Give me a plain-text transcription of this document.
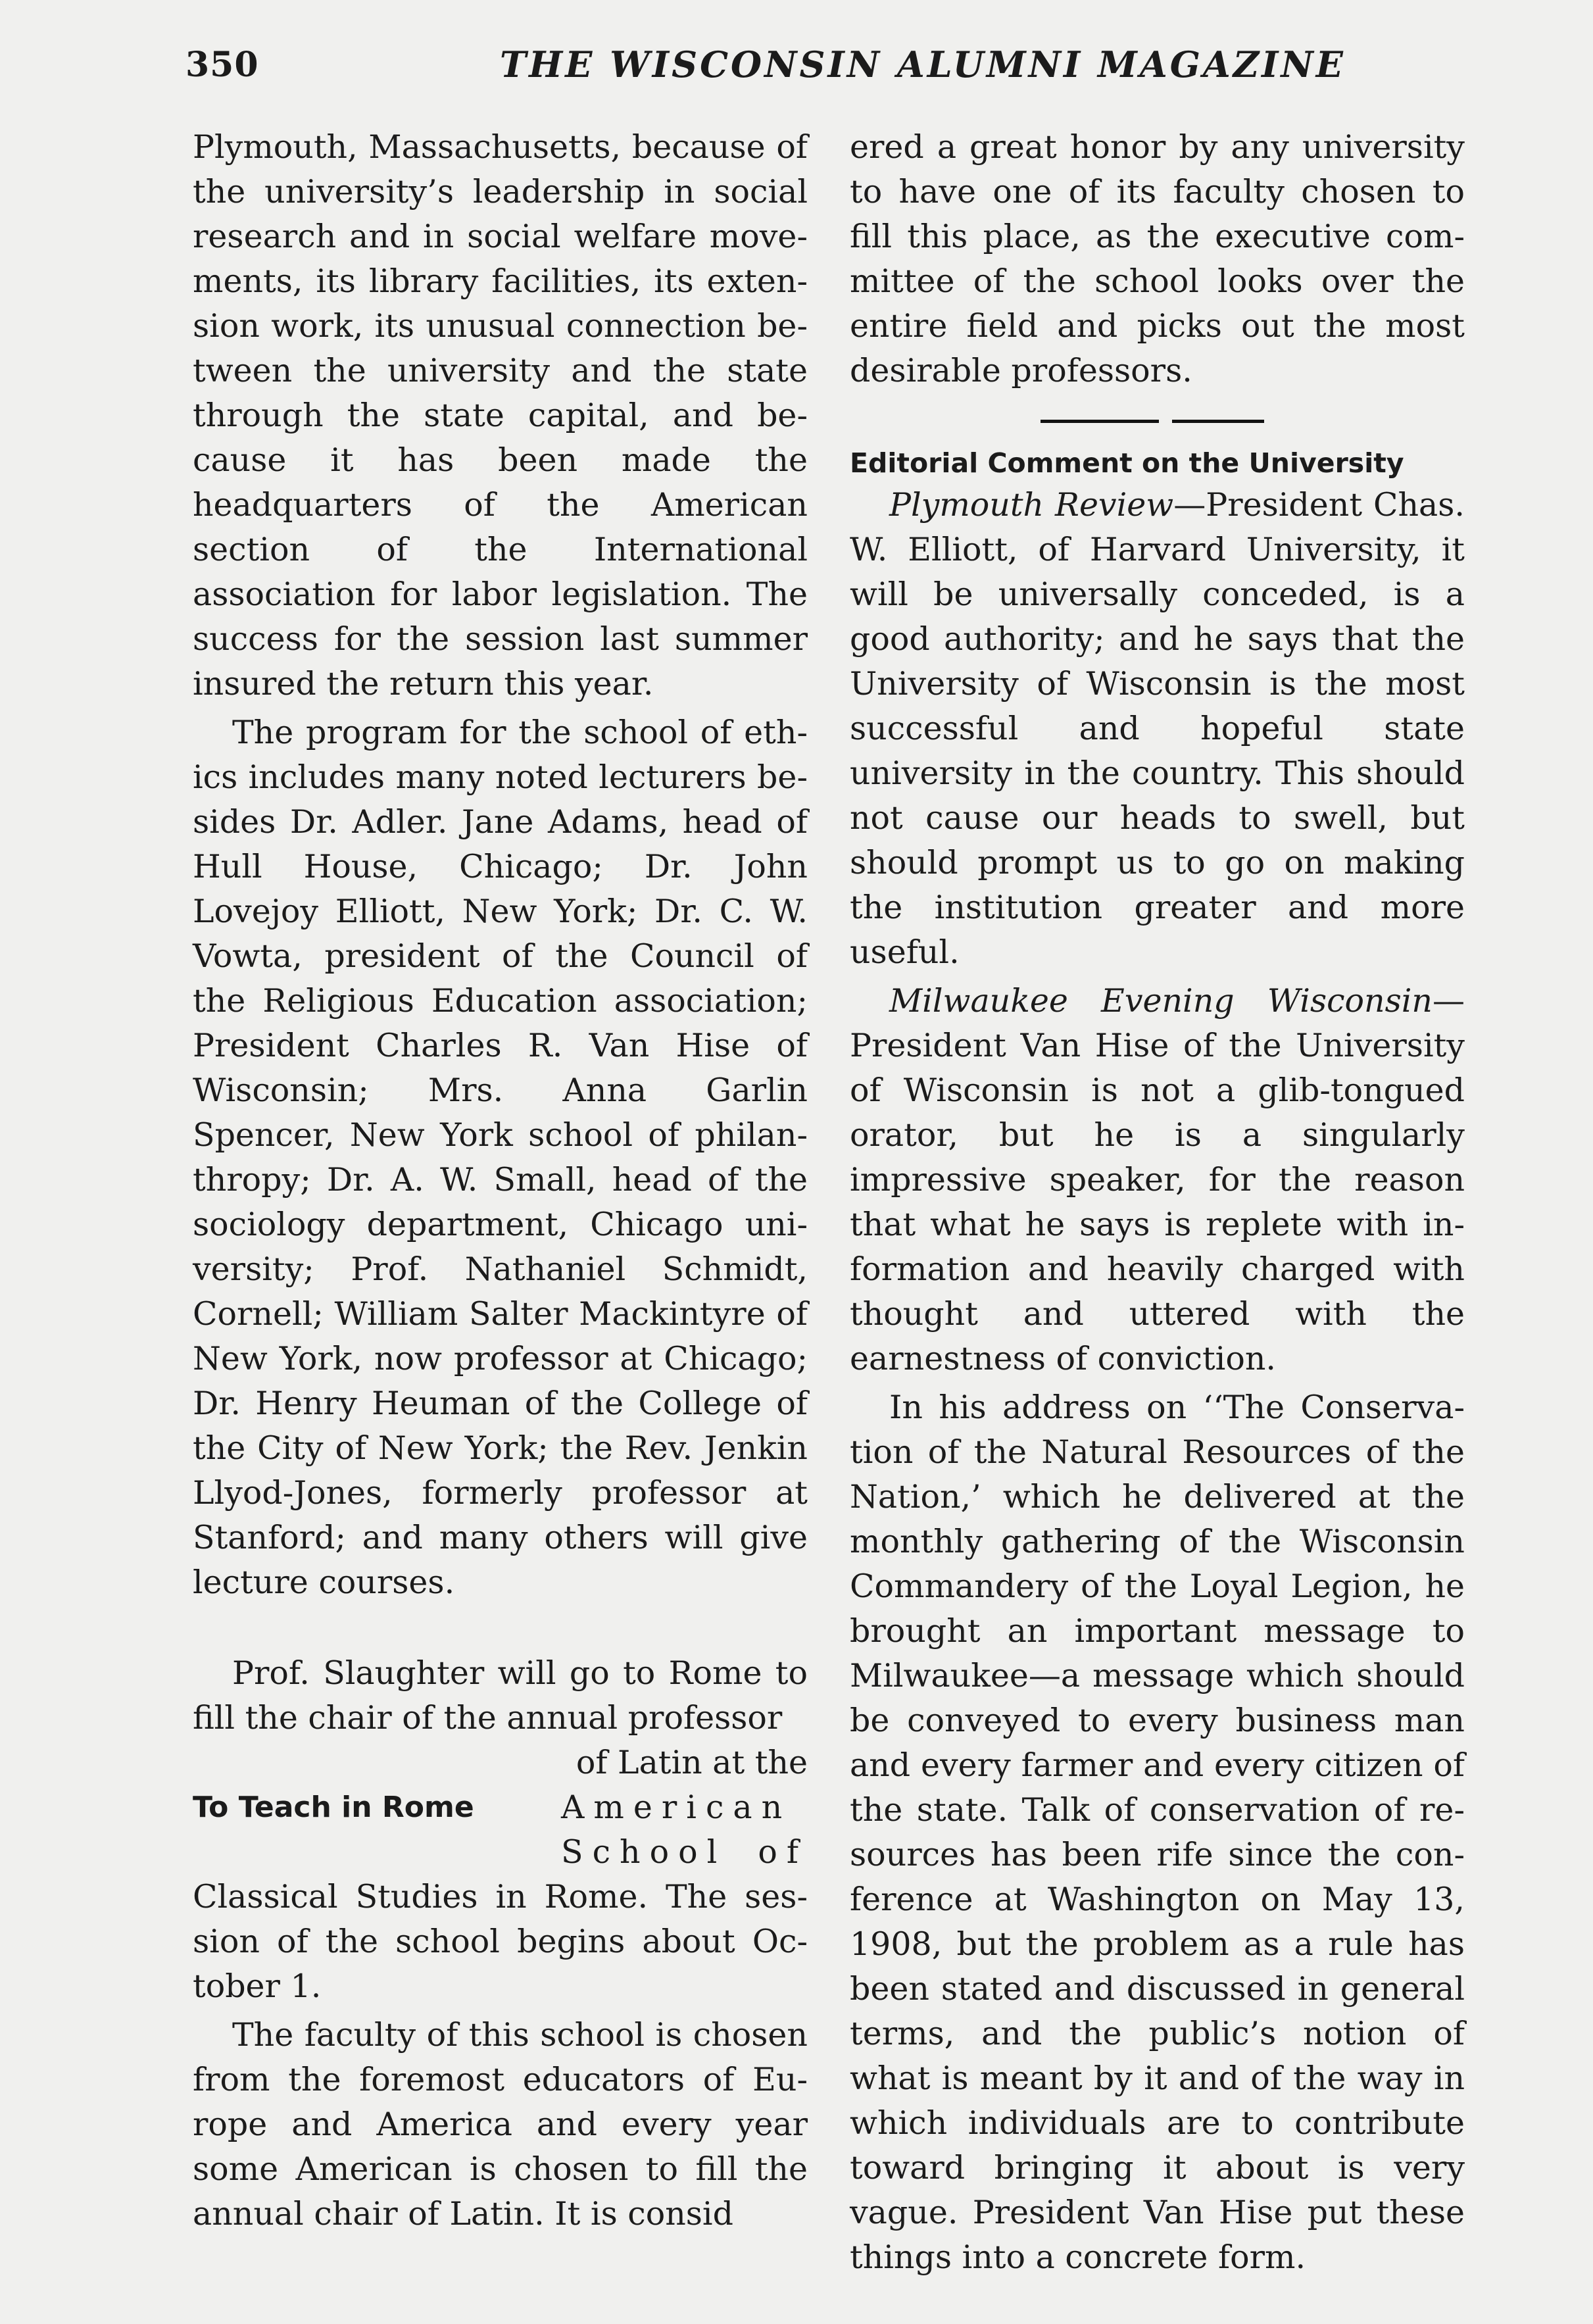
350	THE WISCONSIN ALUMNI MAGAZINE

Plymouth, Massachusetts, because of the university’s leadership in social research and in social welfare movements, its library facilities, its extension work, its unusual connection between the university and the state through the state capital, and because it has been made the headquarters of the American section of the International association for labor legislation. The success for the session last summer insured the return this year.

The program for the school of ethics includes many noted lecturers besides Dr. Adler. Jane Adams, head of Hull House, Chicago; Dr. John Lovejoy Elliott, New York; Dr. C. W. Vowta, president of the Council of the Religious Education association; President Charles R. Van Hise of Wisconsin; Mrs. Anna Garlin Spencer, New York school of philanthropy; Dr. A. W. Small, head of the sociology department, Chicago university; Prof. Nathaniel Schmidt, Cornell; William Salter Mackintyre of New York, now professor at Chicago; Dr. Henry Heuman of the College of the City of New York; the Rev. Jenkin Llyod-Jones, formerly professor at Stanford; and many others will give lecture courses.

Prof. Slaughter will go to Rome to fill the chair of the annual professor

To Teach in Rome

of Latin at the

American

School of

Classical Studies in Rome. The session of the school begins about October 1.

The faculty of this school is chosen from the foremost educators of Europe and America and every year some American is chosen to fill the annual chair of Latin. It is consid

ered a great honor by any university to have one of its faculty chosen to fill this place, as the executive committee of the school looks over the entire field and picks out the most desirable professors.

Editorial Comment on the University

Plymouth Review—President Chas. W. Elliott, of Harvard University, it will be universally conceded, is a good authority; and he says that the University of Wisconsin is the most successful and hopeful state university in the country. This should not cause our heads to swell, but should prompt us to go on making the institution greater and more useful.

Milwaukee Evening Wisconsin— President Van Hise of the University of Wisconsin is not a glib-tongued orator, but he is a singularly impressive speaker, for the reason that what he says is replete with information and heavily charged with thought and uttered with the earnestness of conviction.

In his address on ‘‘The Conservation of the Natural Resources of the Nation,’ which he delivered at the monthly gathering of the Wisconsin Commandery of the Loyal Legion, he brought an important message to Milwaukee—a message which should be conveyed to every business man and every farmer and every citizen of the state. Talk of conservation of resources has been rife since the conference at Washington on May 13, 1908, but the problem as a rule has been stated and discussed in general terms, and the public’s notion of what is meant by it and of the way in which individuals are to contribute toward bringing it about is very vague. President Van Hise put these things into a concrete form.
